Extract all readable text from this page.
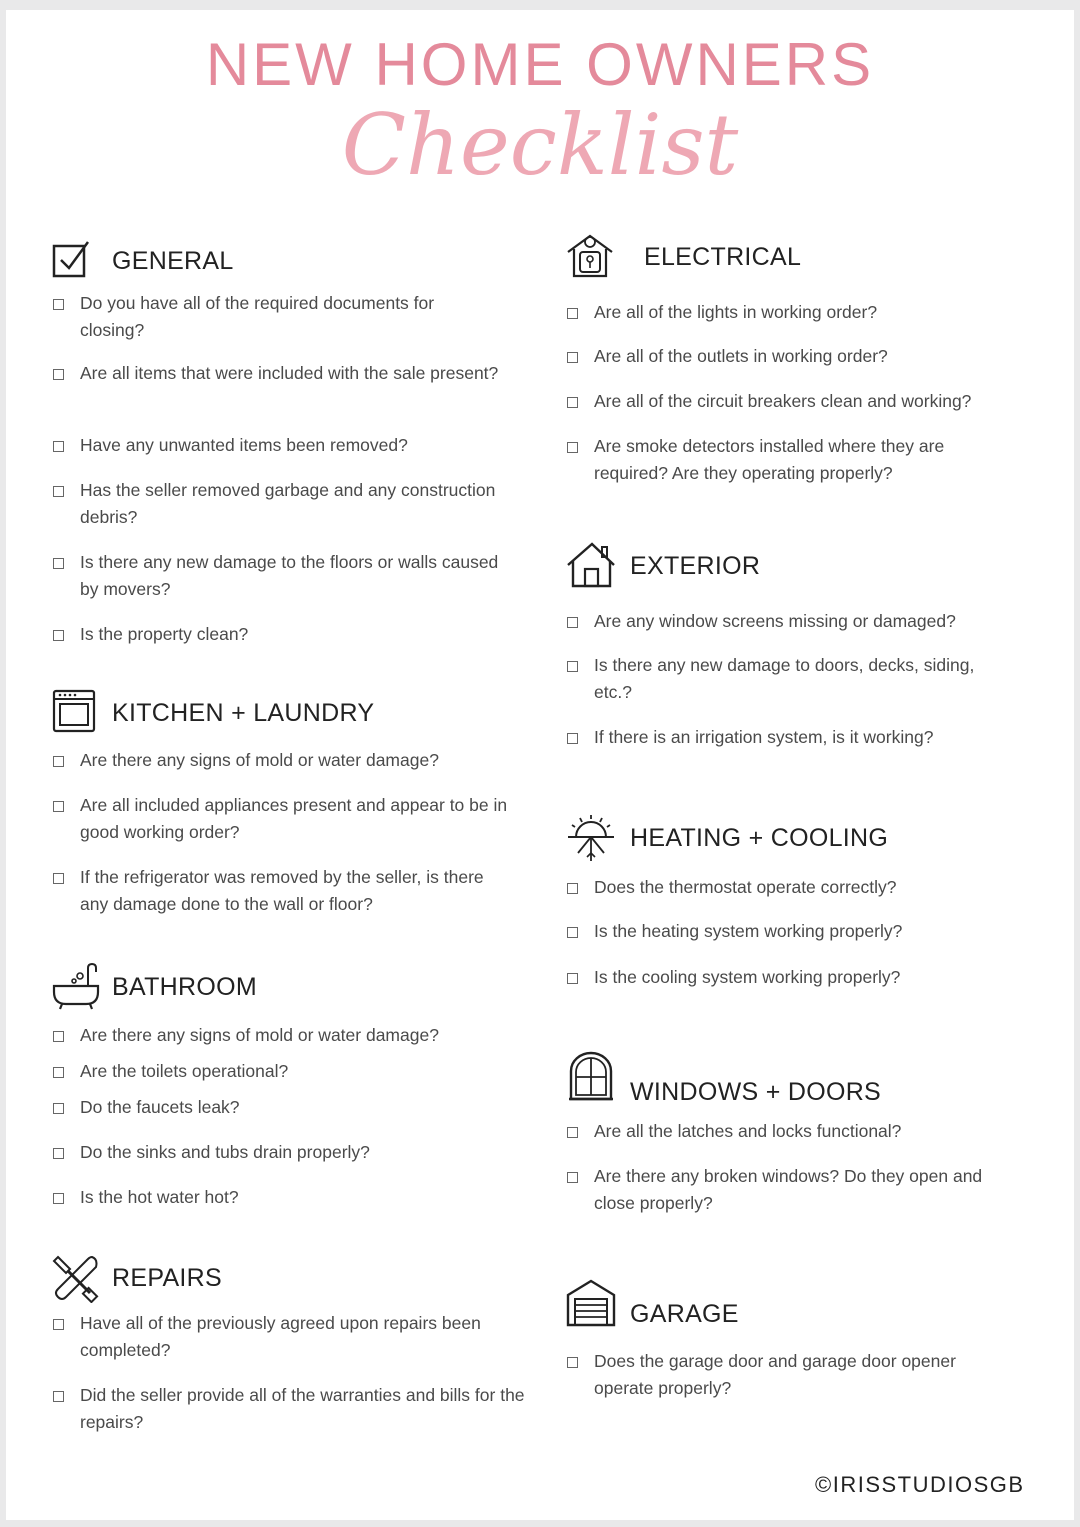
NEW HOME OWNERS
Checklist
GENERAL
Do you have all of the required documents for closing?
Are all items that were included with the sale present?
Have any unwanted items been removed?
Has the seller removed garbage and any construction debris?
Is there any new damage to the floors or walls caused by movers?
Is the property clean?
KITCHEN + LAUNDRY
Are there any signs of mold or water damage?
Are all included appliances present and appear to be in good working order?
If the refrigerator was removed by the seller, is there any damage done to the wall or floor?
BATHROOM
Are there any signs of mold or water damage?
Are the toilets operational?
Do the faucets leak?
Do the sinks and tubs drain properly?
Is the hot water hot?
REPAIRS
Have all of the previously agreed upon repairs been completed?
Did the seller provide all of the warranties and bills for the repairs?
ELECTRICAL
Are all of the lights in working order?
Are all of the outlets in working order?
Are all of the circuit breakers clean and working?
Are smoke detectors installed where they are required? Are they operating properly?
EXTERIOR
Are any window screens missing or damaged?
Is there any new damage to doors, decks, siding, etc.?
If there is an irrigation system, is it working?
HEATING + COOLING
Does the thermostat operate correctly?
Is the heating system working properly?
Is the cooling system working properly?
WINDOWS + DOORS
Are all the latches and locks functional?
Are there any broken windows? Do they open and close properly?
GARAGE
Does the garage door and garage door opener operate properly?
©IRISSTUDIOSGB
